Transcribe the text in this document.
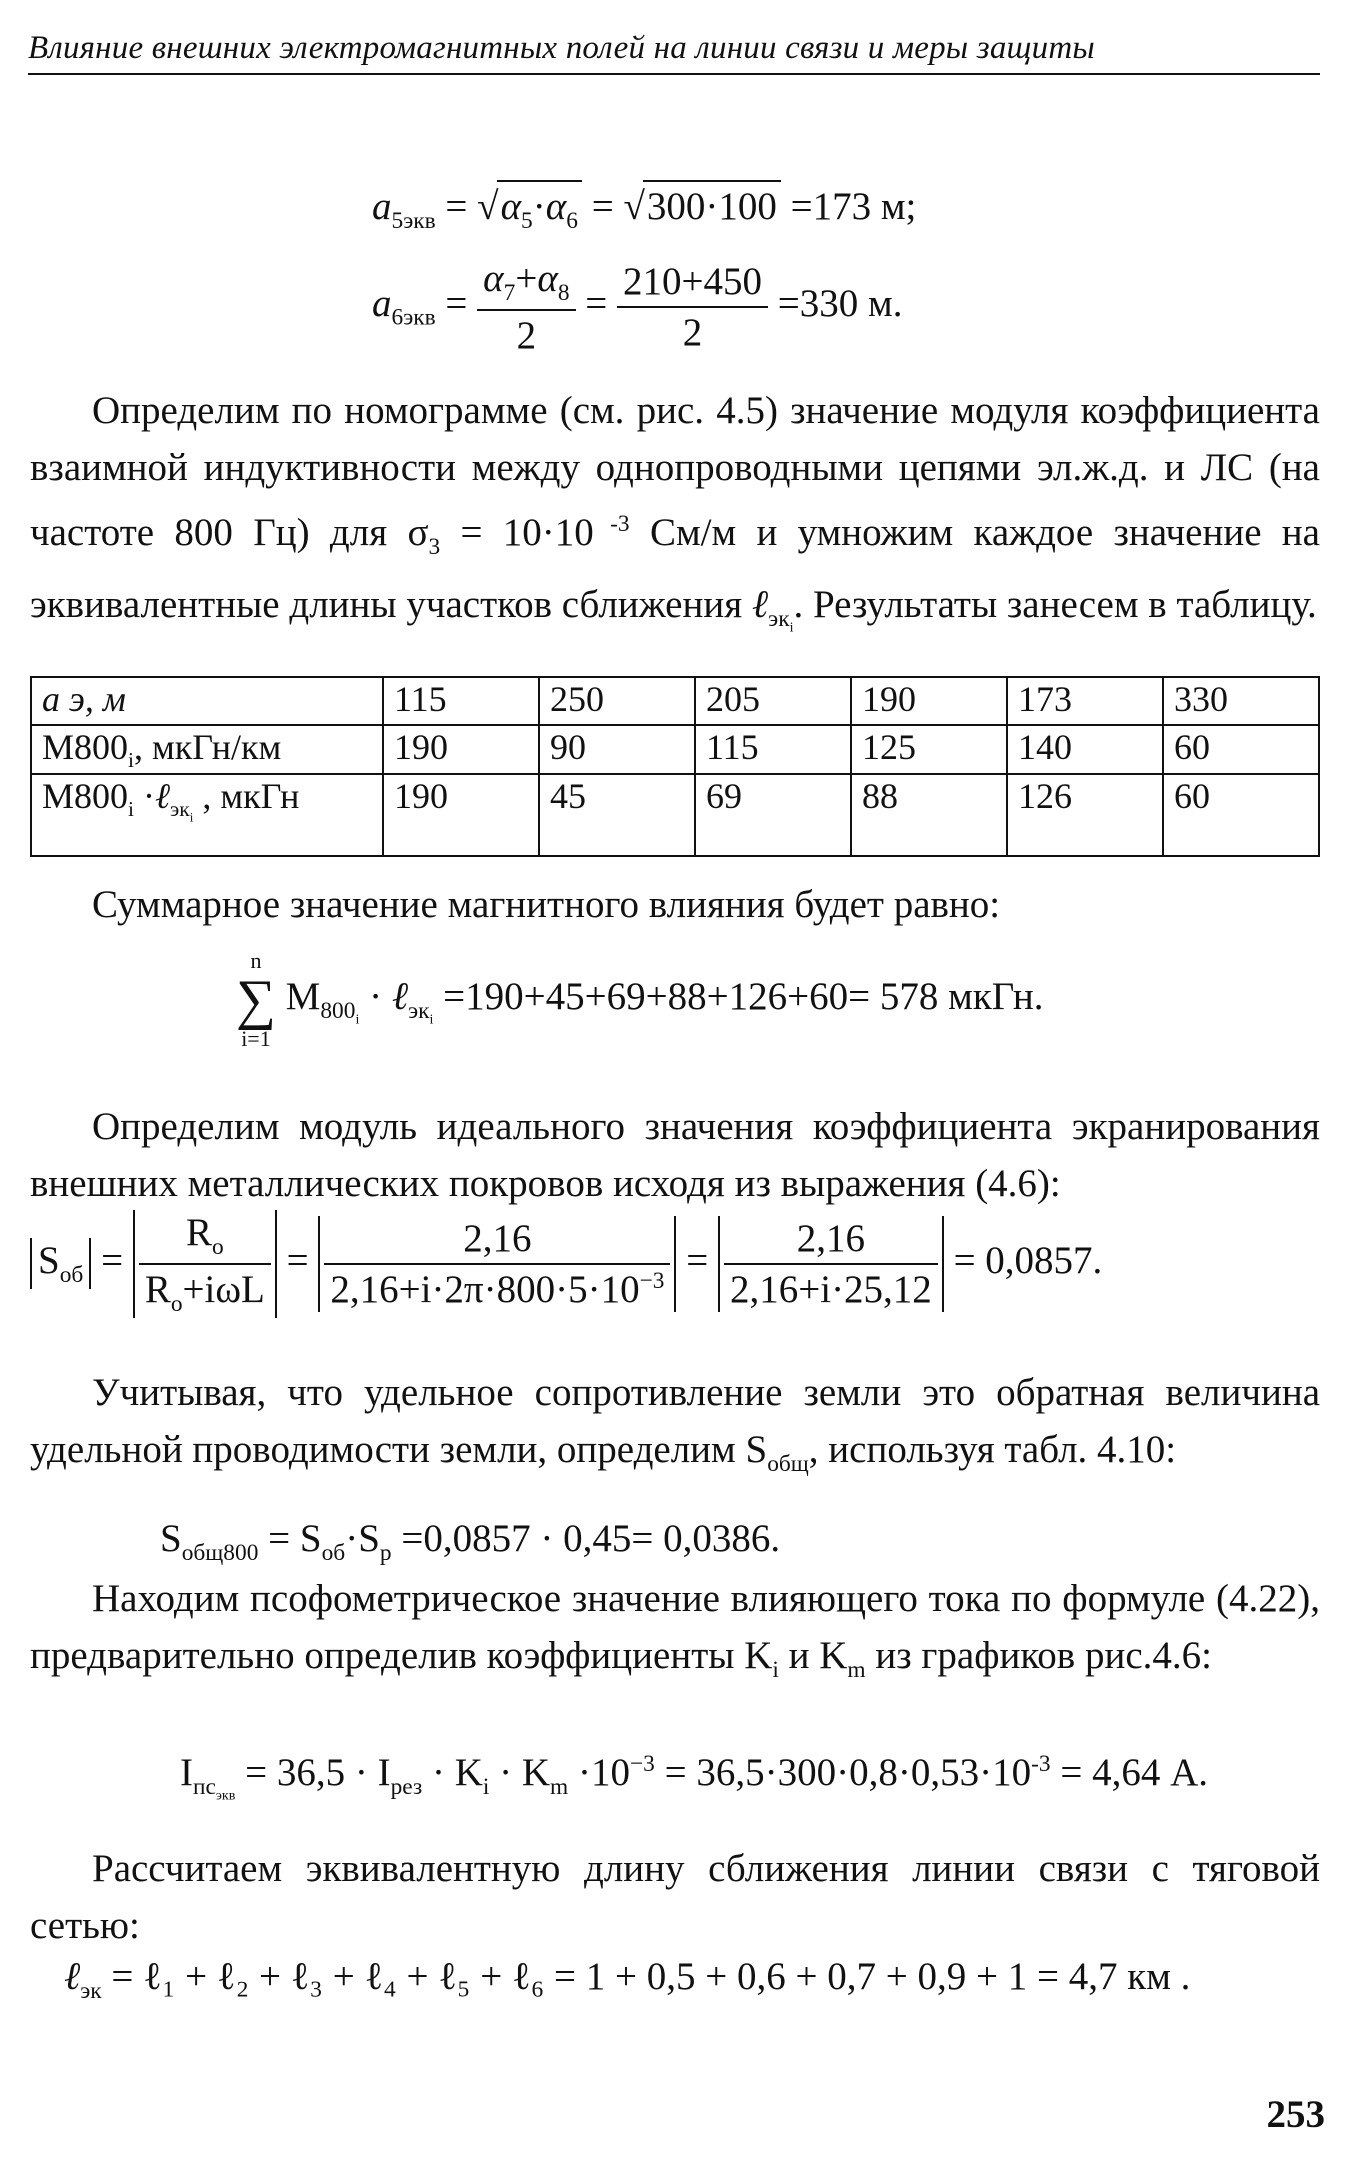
Влияние внешних электромагнитных полей на линии связи и меры защиты
$a_{5экв} = √\alpha_5\cdot\alpha_6 = √300\cdot 100 =173$ м;
$a_{6экв} = \frac{\alpha_7+\alpha_8}{2} = \frac{210+450}{2} =330$ м.
Определим по номограмме (см. рис. 4.5) значение модуля коэффициента взаимной индуктивности между однопроводными цепями эл.ж.д. и ЛС (на частоте 800 Гц) для $\sigma_3 = 10\cdot 10$ $^{-3}$ См/м и умножим каждое значение на эквивалентные длины участков сближения ℓ$_{эк_i}$. Результаты занесем в таблицу.
а э, м	115	250	205	190	173	330
$М800_i$, мкГн/км	190	90	115	125	140	60
$М800_i$ ·ℓ$_{эк_i}$ , мкГн	190	45	69	88	126	60
Суммарное значение магнитного влияния будет равно:
n
∑
i=1
$M_{800_i}$ · ℓ$_{эк_i}$ =190+45+69+88+126+60= 578 мкГн.
Определим модуль идеального значения коэффициента экранирования внешних металлических покровов исходя из выражения (4.6):
$S_{об} = \frac{R_o}{R_o+i\omega L} = \frac{2,16}{2,16+i\cdot 2\pi\cdot 800\cdot 5\cdot 10^{-3}} = \frac{2,16}{2,16+i\cdot 25,12} = 0,0857$.
Учитывая, что удельное сопротивление земли это обратная величина удельной проводимости земли, определим $S_{общ}$, используя табл. 4.10:
$S_{общ800} = S_{об}\cdot S_р =0,0857 \cdot 0,45= 0,0386$.
Находим псофометрическое значение влияющего тока по формуле (4.22), предварительно определив коэффициенты $K_i$ и $K_m$ из графиков рис.4.6:
$I_{пс_{экв}} = 36,5 \cdot I_{рез} \cdot K_i \cdot K_m \cdot 10^{-3} = 36,5\cdot 300\cdot 0,8\cdot 0,53\cdot 10^{-3} = 4,64$ А.
Рассчитаем эквивалентную длину сближения линии связи с тяговой сетью:
ℓ$_{эк}$ = ℓ₁ + ℓ₂ + ℓ₃ + ℓ₄ + ℓ₅ + ℓ₆ = 1 + 0,5 + 0,6 + 0,7 + 0,9 + 1 = 4,7 км .
253
